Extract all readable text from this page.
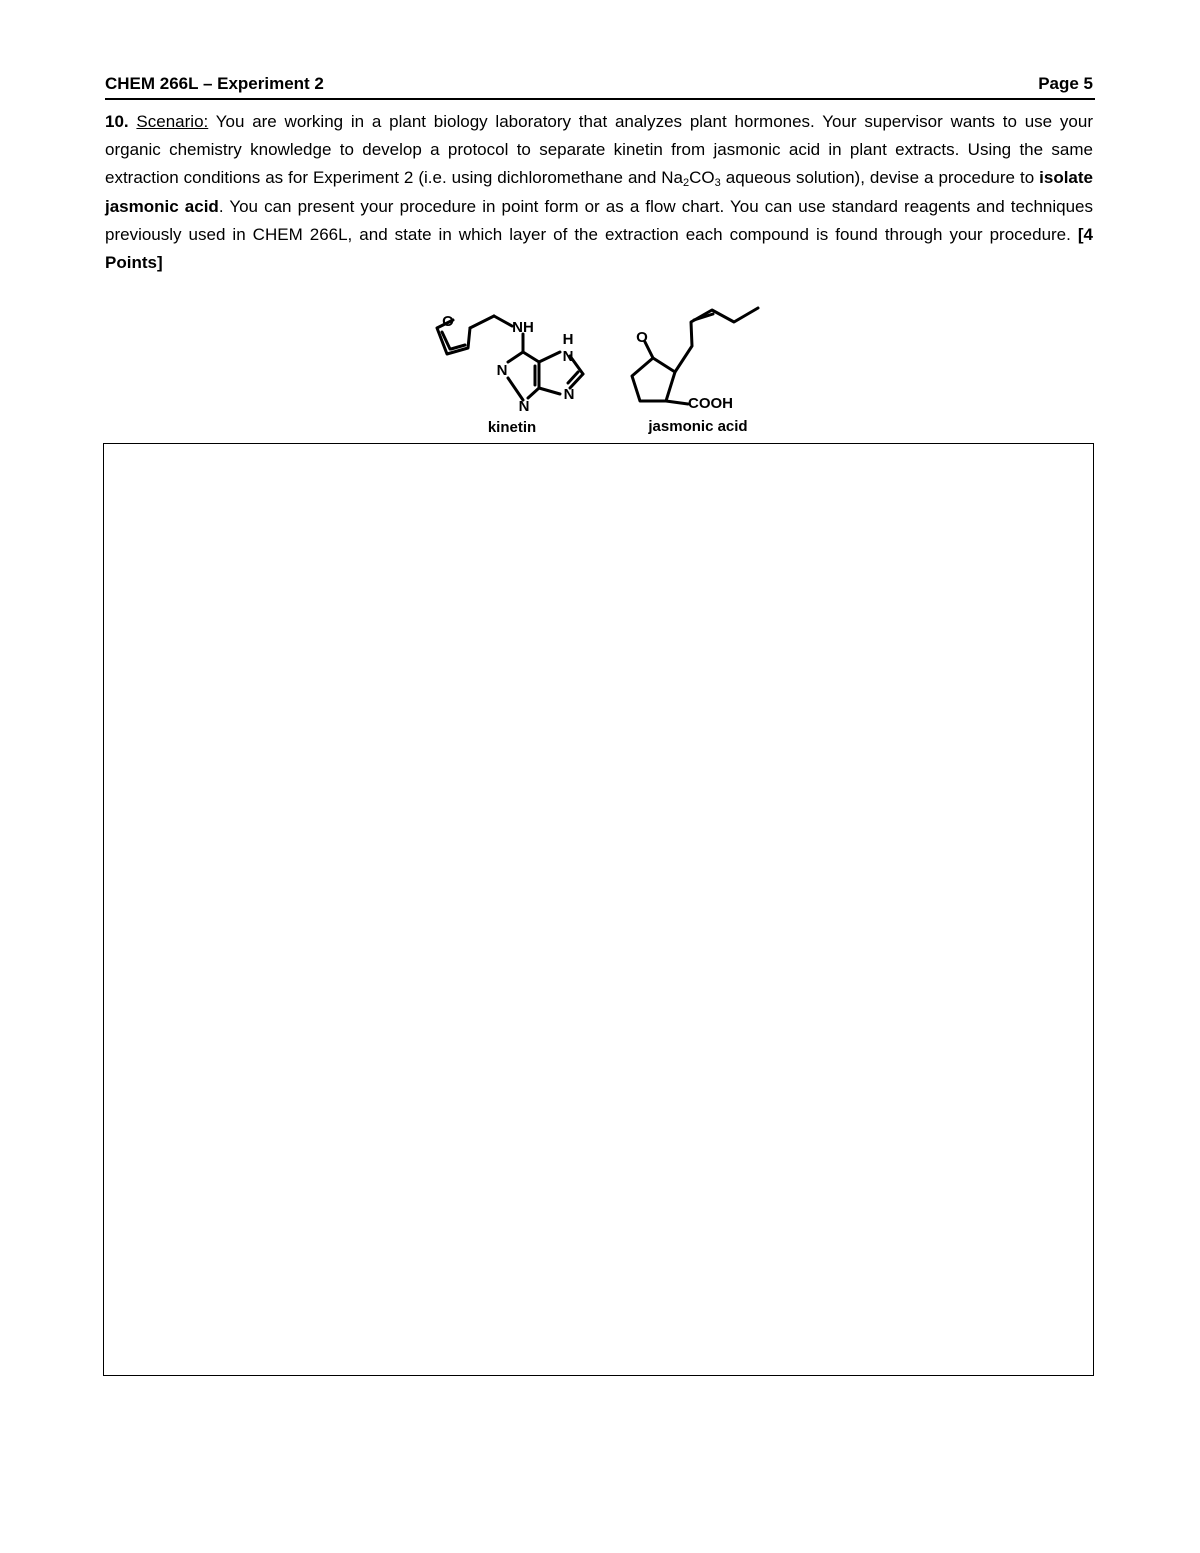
CHEM 266L – Experiment 2	Page 5
10. Scenario: You are working in a plant biology laboratory that analyzes plant hormones. Your supervisor wants to use your organic chemistry knowledge to develop a protocol to separate kinetin from jasmonic acid in plant extracts. Using the same extraction conditions as for Experiment 2 (i.e. using dichloromethane and $Na_2CO_3$ aqueous solution), devise a procedure to isolate jasmonic acid. You can present your procedure in point form or as a flow chart. You can use standard reagents and techniques previously used in CHEM 266L, and state in which layer of the extraction each compound is found through your procedure. [4 Points]
O	NH
N
N
N
N
H	O
COOH
kinetin	jasmonic acid
